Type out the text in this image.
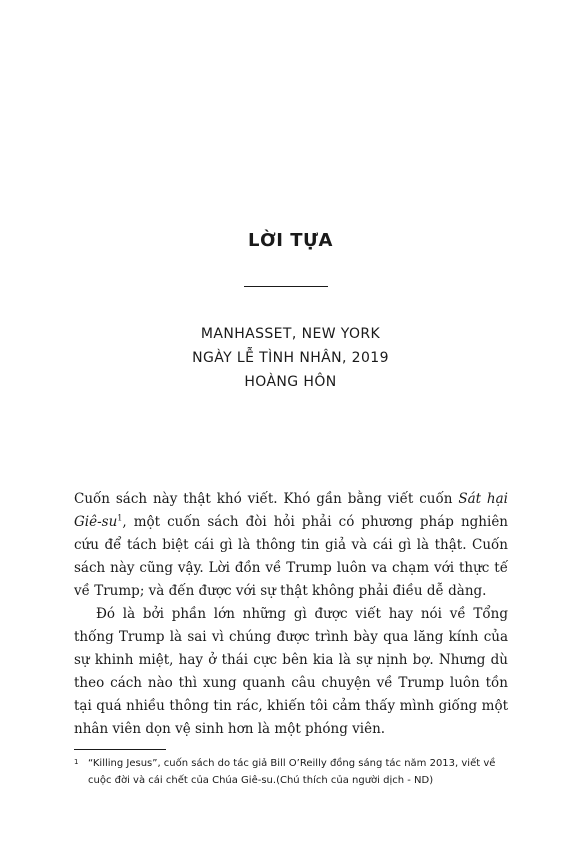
LỜI TỰA
MANHASSET, NEW YORK
NGÀY LỄ TÌNH NHÂN, 2019
HOÀNG HÔN

Cuốn sách này thật khó viết. Khó gần bằng viết cuốn Sát hại Giê-$su^1$, một cuốn sách đòi hỏi phải có phương pháp nghiên cứu để tách biệt cái gì là thông tin giả và cái gì là thật. Cuốn sách này cũng vậy. Lời đồn về Trump luôn va chạm với thực tế về Trump; và đến được với sự thật không phải điều dễ dàng.

Đó là bởi phần lớn những gì được viết hay nói về Tổng thống Trump là sai vì chúng được trình bày qua lăng kính của sự khinh miệt, hay ở thái cực bên kia là sự nịnh bợ. Nhưng dù theo cách nào thì xung quanh câu chuyện về Trump luôn tồn tại quá nhiều thông tin rác, khiến tôi cảm thấy mình giống một nhân viên dọn vệ sinh hơn là một phóng viên.

1 “Killing Jesus”, cuốn sách do tác giả Bill O’Reilly đồng sáng tác năm 2013, viết về cuộc đời và cái chết của Chúa Giê-su.(Chú thích của người dịch - ND)
